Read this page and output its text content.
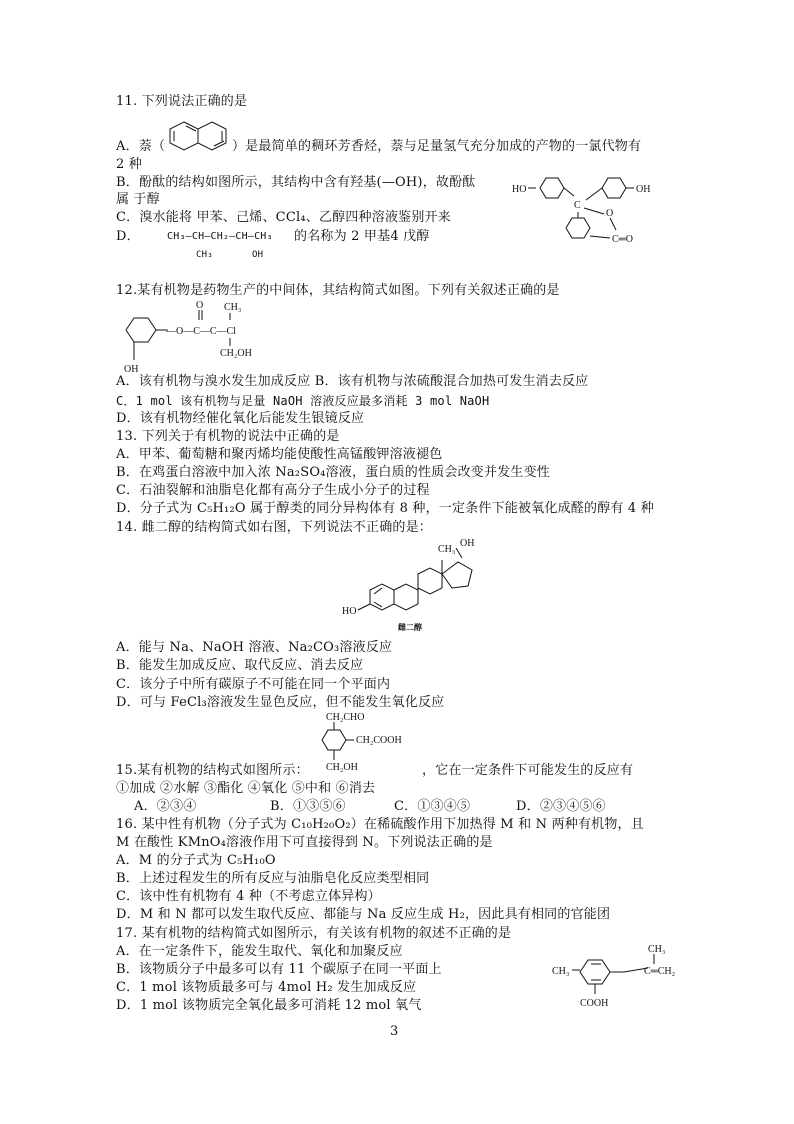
11. 下列说法正确的是
A．萘（	）是最简单的稠环芳香烃，萘与足量氢气充分加成的产物的一氯代物有
2 种
B．酚酞的结构如图所示，其结构中含有羟基(—OH)，故酚酞
属 于醇
C．溴水能将 甲苯、己烯、CCl₄、乙醇四种溶液鉴别开来
D．	CH₃—CH—CH₂—CH—CH₃
CH₃	OH
的名称为 2 甲基4 戊醇
HO	OH
C
O
C═O
12.某有机物是药物生产的中间体，其结构简式如图。下列有关叙述正确的是
O CH₃
—O—C—C—Cl
CH₂OH
OH
A．该有机物与溴水发生加成反应 B．该有机物与浓硫酸混合加热可发生消去反应
C．1 mol 该有机物与足量 NaOH 溶液反应最多消耗 3 mol NaOH
D．该有机物经催化氧化后能发生银镜反应
13. 下列关于有机物的说法中正确的是
A．甲苯、葡萄糖和聚丙烯均能使酸性高锰酸钾溶液褪色
B．在鸡蛋白溶液中加入浓 Na₂SO₄溶液，蛋白质的性质会改变并发生变性
C．石油裂解和油脂皂化都有高分子生成小分子的过程
D．分子式为 C₅H₁₂O 属于醇类的同分异构体有 8 种，一定条件下能被氧化成醛的醇有 4 种
14. 雌二醇的结构简式如右图，下列说法不正确的是：
CH₃
OH
HO
雌二醇
A．能与 Na、NaOH 溶液、Na₂CO₃溶液反应
B．能发生加成反应、取代反应、消去反应
C．该分子中所有碳原子不可能在同一个平面内
D．可与 FeCl₃溶液发生显色反应，但不能发生氧化反应
CH₂CHO
CH₂COOH
CH₂OH
15.某有机物的结构式如图所示：	，它在一定条件下可能发生的反应有
①加成 ②水解 ③酯化 ④氧化 ⑤中和 ⑥消去
A．②③④	B．①③⑤⑥	C．①③④⑤	D．②③④⑤⑥
16. 某中性有机物（分子式为 C₁₀H₂₀O₂）在稀硫酸作用下加热得 M 和 N 两种有机物，且
M 在酸性 KMnO₄溶液作用下可直接得到 N。下列说法正确的是
A．M 的分子式为 C₅H₁₀O
B．上述过程发生的所有反应与油脂皂化反应类型相同
C．该中性有机物有 4 种（不考虑立体异构）
D．M 和 N 都可以发生取代反应、都能与 Na 反应生成 H₂，因此具有相同的官能团
17. 某有机物的结构简式如图所示，有关该有机物的叙述不正确的是
A．在一定条件下，能发生取代、氧化和加聚反应
B．该物质分子中最多可以有 11 个碳原子在同一平面上
C．1 mol 该物质最多可与 4mol H₂ 发生加成反应
D．1 mol 该物质完全氧化最多可消耗 12 mol 氧气
CH₃
CH₃	C═CH₂
COOH
3
